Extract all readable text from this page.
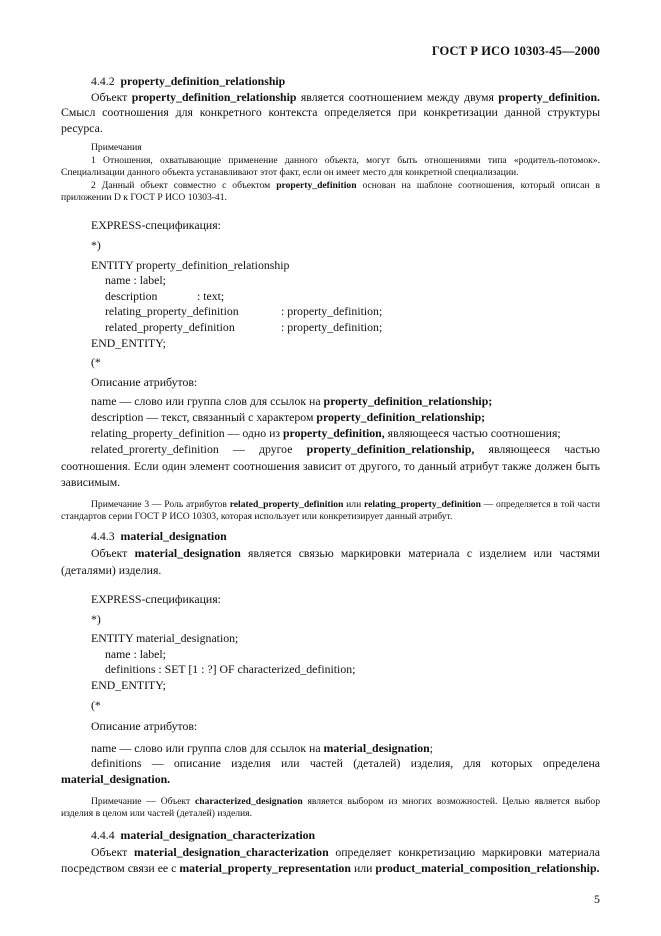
ГОСТ Р ИСО 10303-45—2000

4.4.2 property_definition_relationship

Объект property_definition_relationship является соотношением между двумя property_definition. Смысл соотношения для конкретного контекста определяется при конкретизации данной структуры ресурса.

Примечания

1 Отношения, охватывающие применение данного объекта, могут быть отношениями типа «родитель-потомок». Специализации данного объекта устанавливают этот факт, если он имеет место для конкретной специализации.

2 Данный объект совместно с объектом property_definition основан на шаблоне соотношения, который описан в приложении D к ГОСТ Р ИСО 10303-41.

EXPRESS-спецификация:

*)

ENTITY property_definition_relationship

name : label;

description	: text;
relating_property_definition	: property_definition;
related_property_definition	: property_definition;

END_ENTITY;

(*

Описание атрибутов:

name — слово или группа слов для ссылок на property_definition_relationship;

description — текст, связанный с характером property_definition_relationship;

relating_property_definition — одно из property_definition, являющееся частью соотношения;

related_prorerty_definition — другое property_definition_relationship, являющееся частью соотношения. Если один элемент соотношения зависит от другого, то данный атрибут также должен быть зависимым.

Примечание 3 — Роль атрибутов related_property_definition или relating_property_definition — определяется в той части стандартов серии ГОСТ Р ИСО 10303, которая использует или конкретизирует данный атрибут.

4.4.3 material_designation

Объект material_designation является связью маркировки материала с изделием или частями (деталями) изделия.

EXPRESS-спецификация:

*)

ENTITY material_designation;

name : label;

definitions : SET [1 : ?] OF characterized_definition;

END_ENTITY;

(*

Описание атрибутов:

name — слово или группа слов для ссылок на material_designation;

definitions — описание изделия или частей (деталей) изделия, для которых определена material_designation.

Примечание — Объект characterized_designation является выбором из многих возможностей. Целью является выбор изделия в целом или частей (деталей) изделия.

4.4.4 material_designation_characterization

Объект material_designation_characterization определяет конкретизацию маркировки материала посредством связи ее с material_property_representation или product_material_composition_relationship.

5
